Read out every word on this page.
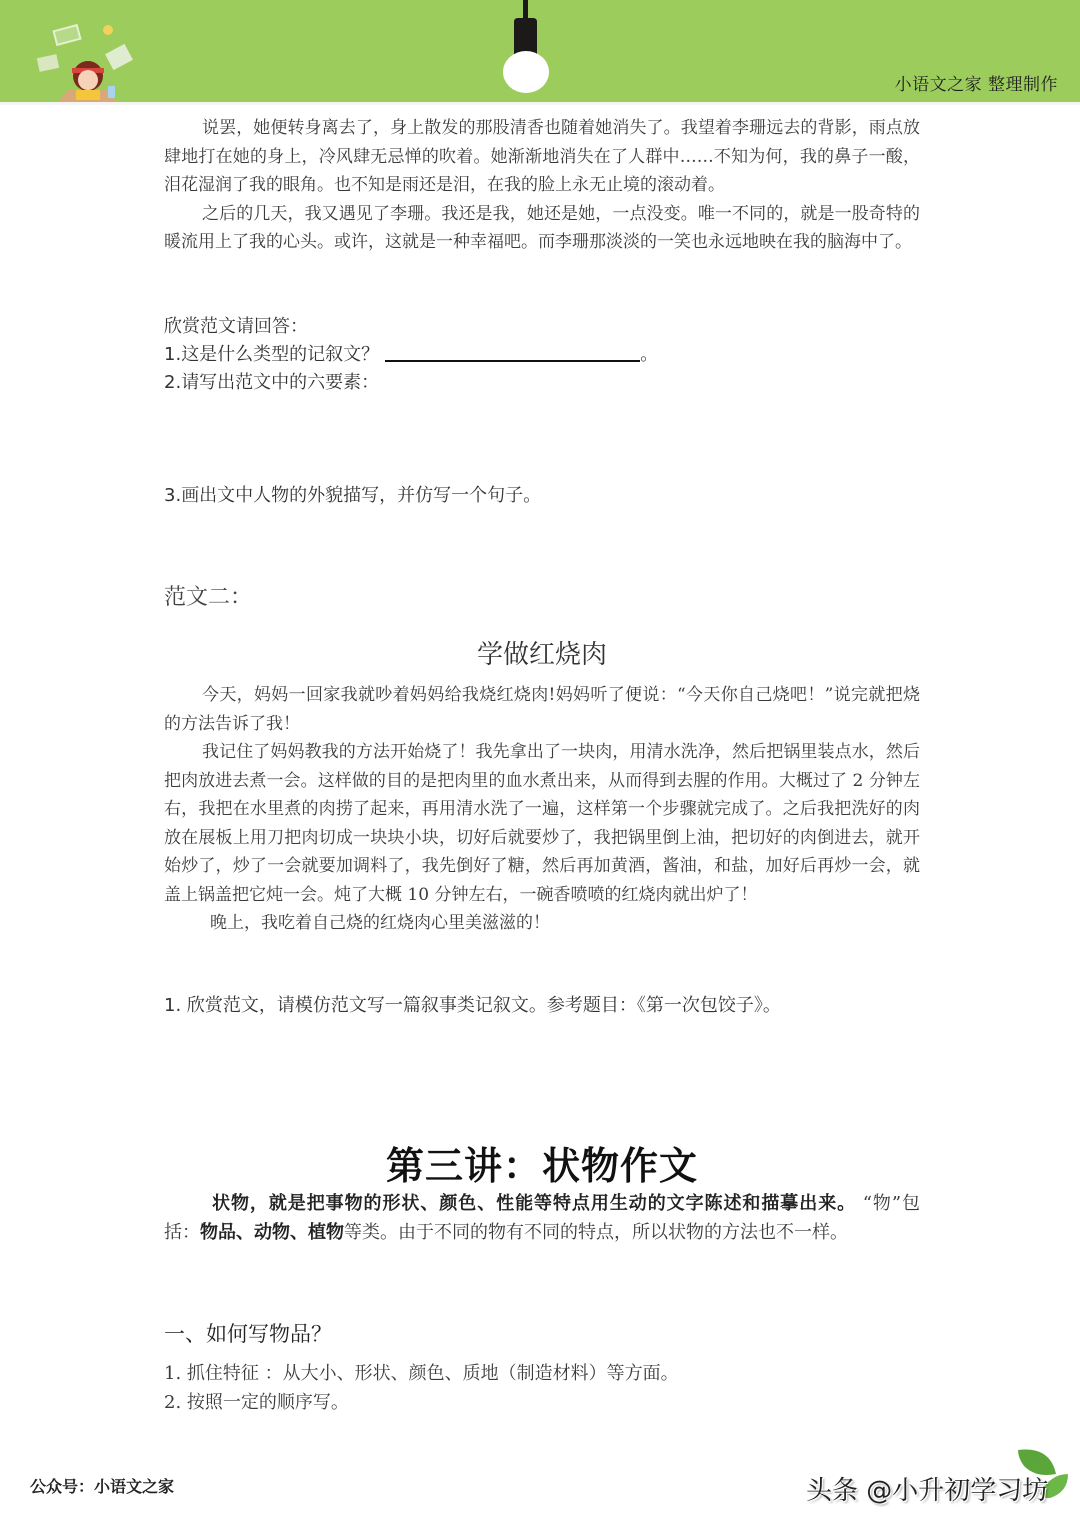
小语文之家 整理制作

说罢，她便转身离去了，身上散发的那股清香也随着她消失了。我望着李珊远去的背影，雨点放肆地打在她的身上，冷风肆无忌惮的吹着。她渐渐地消失在了人群中……不知为何，我的鼻子一酸，泪花湿润了我的眼角。也不知是雨还是泪，在我的脸上永无止境的滚动着。

之后的几天，我又遇见了李珊。我还是我，她还是她，一点没变。唯一不同的，就是一股奇特的暖流用上了我的心头。或许，这就是一种幸福吧。而李珊那淡淡的一笑也永远地映在我的脑海中了。

欣赏范文请回答：

1.这是什么类型的记叙文？	。

2.请写出范文中的六要素：

3.画出文中人物的外貌描写，并仿写一个句子。

范文二：
学做红烧肉

今天，妈妈一回家我就吵着妈妈给我烧红烧肉!妈妈听了便说：“今天你自己烧吧！”说完就把烧的方法告诉了我！

我记住了妈妈教我的方法开始烧了！我先拿出了一块肉，用清水洗净，然后把锅里装点水，然后把肉放进去煮一会。这样做的目的是把肉里的血水煮出来，从而得到去腥的作用。大概过了 2 分钟左右，我把在水里煮的肉捞了起来，再用清水洗了一遍，这样第一个步骤就完成了。之后我把洗好的肉放在展板上用刀把肉切成一块块小块，切好后就要炒了，我把锅里倒上油，把切好的肉倒进去，就开始炒了，炒了一会就要加调料了，我先倒好了糖，然后再加黄酒，酱油，和盐，加好后再炒一会，就盖上锅盖把它炖一会。炖了大概 10 分钟左右，一碗香喷喷的红烧肉就出炉了！

晚上，我吃着自己烧的红烧肉心里美滋滋的！

1. 欣赏范文，请模仿范文写一篇叙事类记叙文。参考题目：《第一次包饺子》。

第三讲：状物作文

状物，就是把事物的形状、颜色、性能等特点用生动的文字陈述和描摹出来。 “物”包括：物品、动物、植物等类。由于不同的物有不同的特点，所以状物的方法也不一样。

一、如何写物品？

1. 抓住特征 ：从大小、形状、颜色、质地（制造材料）等方面。

2. 按照一定的顺序写。

公众号：小语文之家	头条 @小升初学习坊
